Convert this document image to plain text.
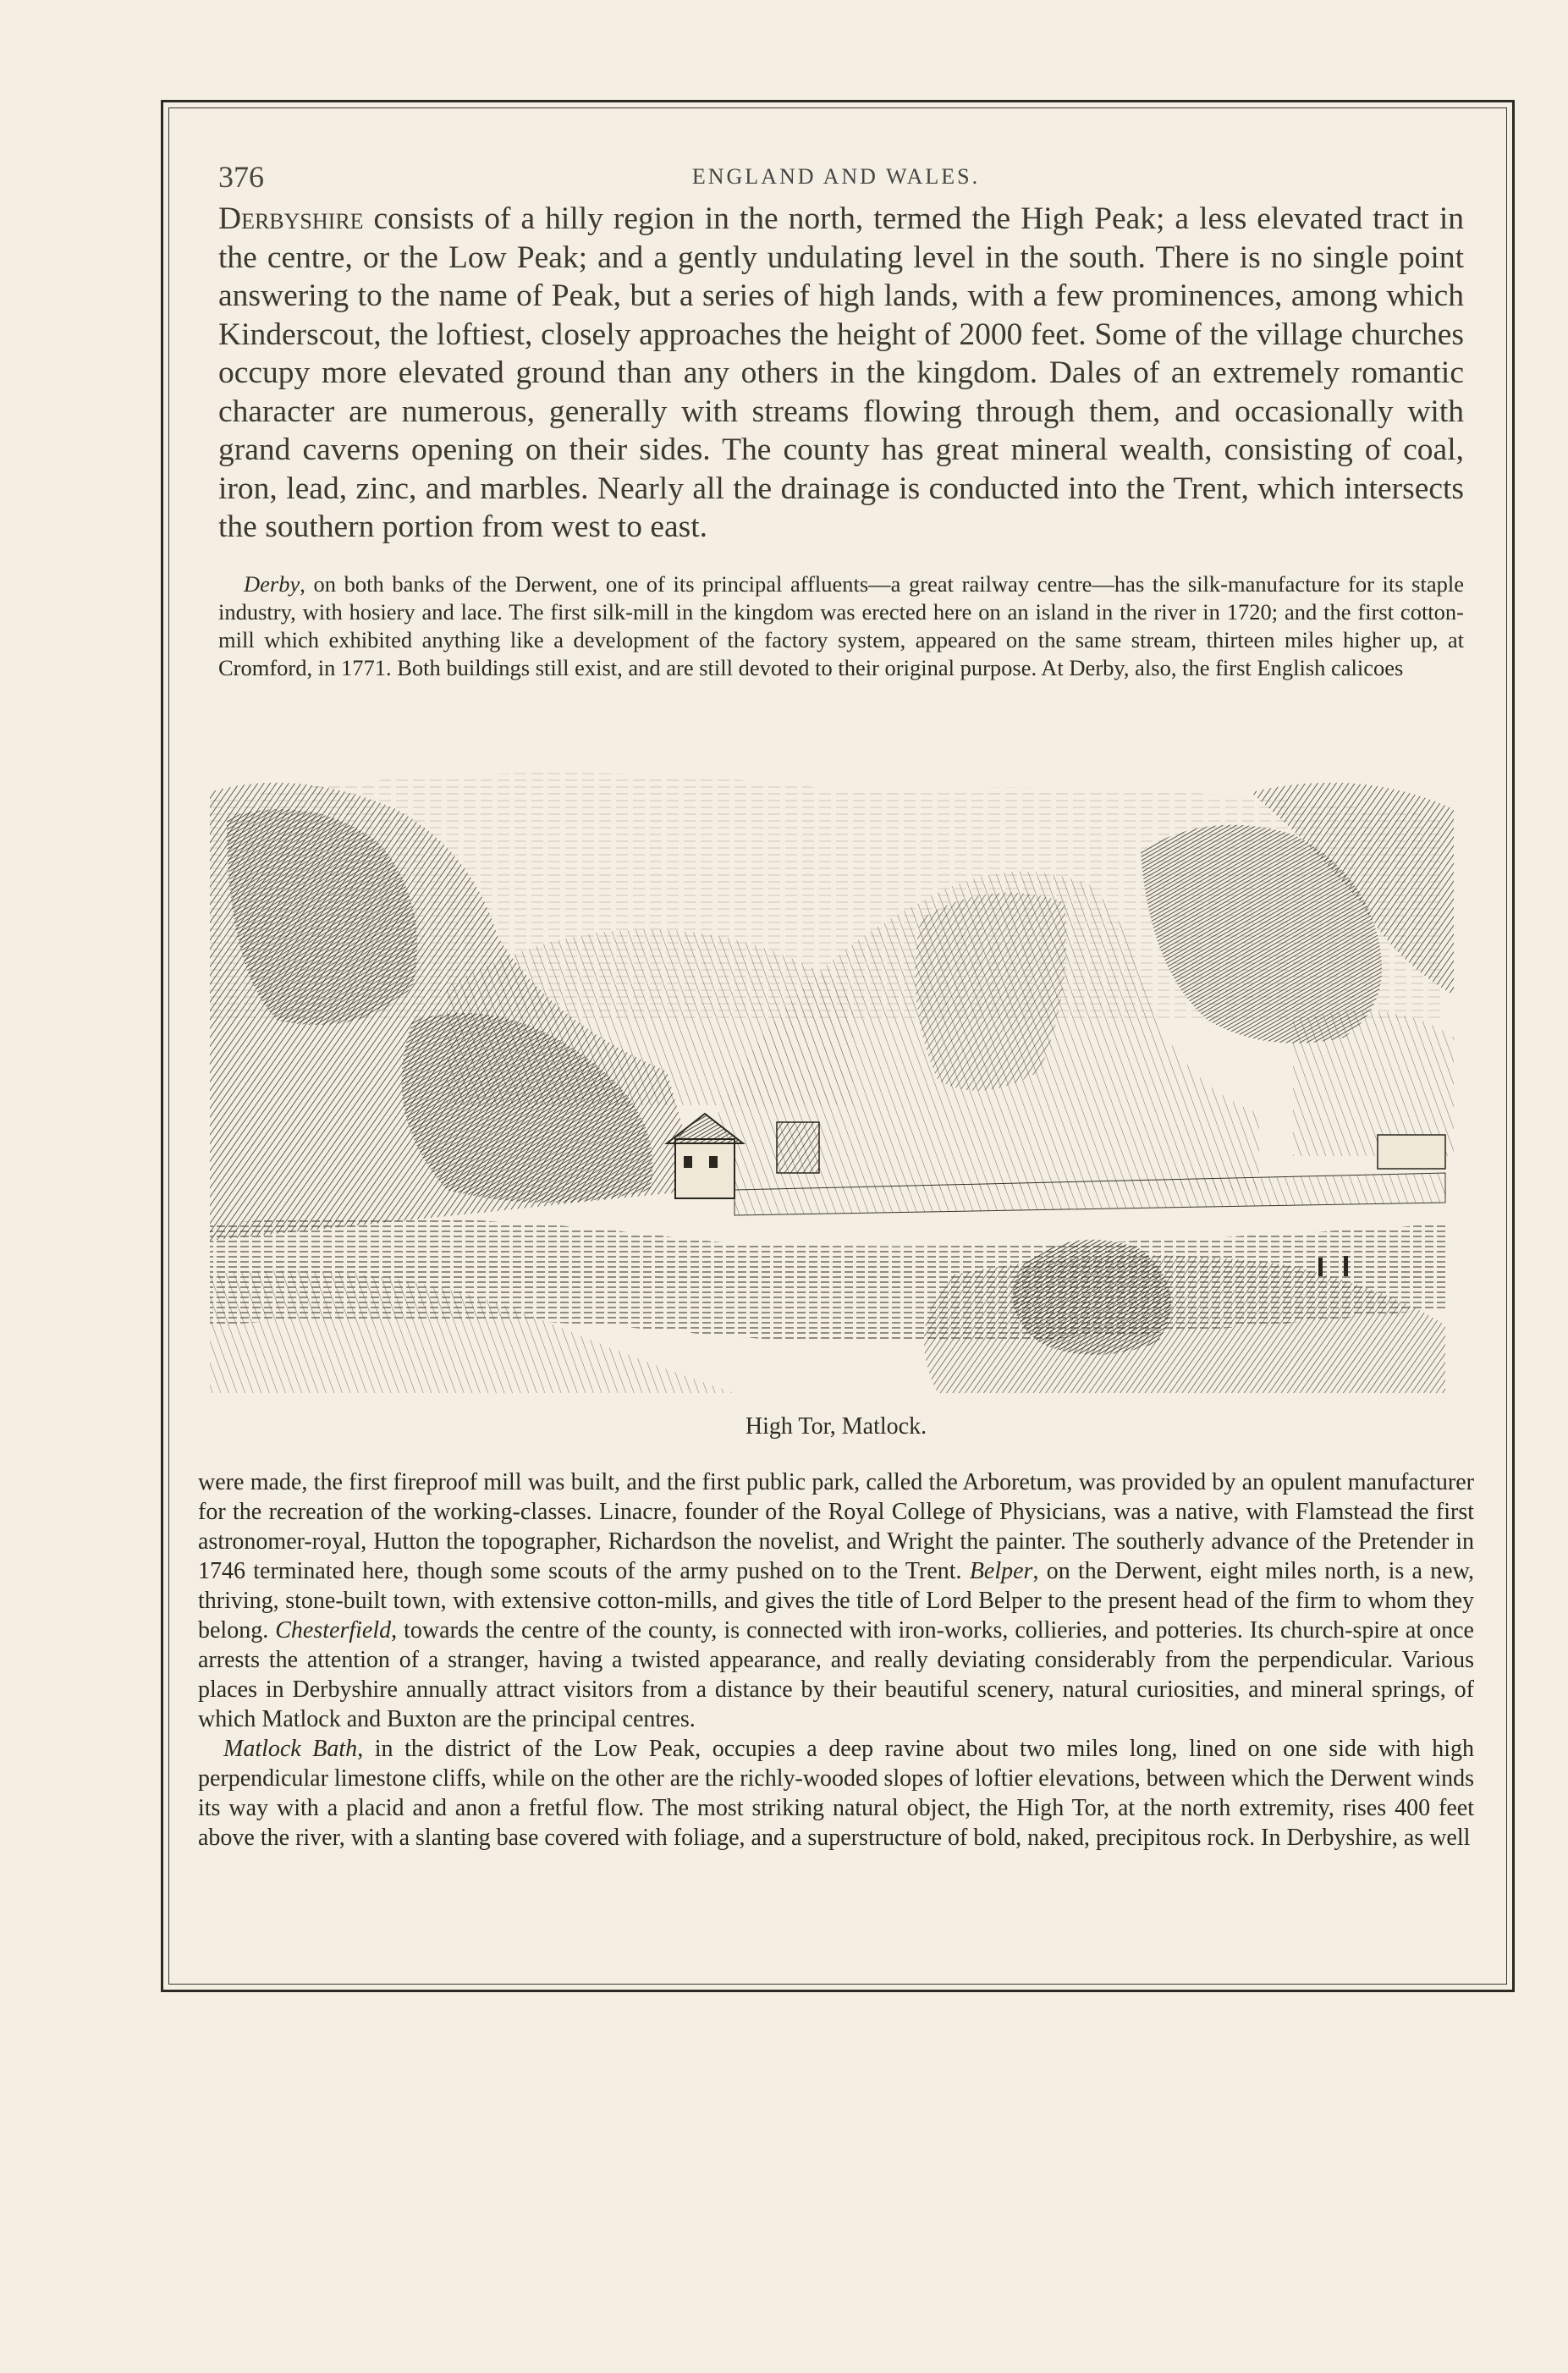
376	ENGLAND AND WALES.

Derbyshire consists of a hilly region in the north, termed the High Peak; a less elevated tract in the centre, or the Low Peak; and a gently undulating level in the south. There is no single point answering to the name of Peak, but a series of high lands, with a few prominences, among which Kinderscout, the loftiest, closely approaches the height of 2000 feet. Some of the village churches occupy more elevated ground than any others in the kingdom. Dales of an extremely romantic character are numerous, generally with streams flowing through them, and occasionally with grand caverns opening on their sides. The county has great mineral wealth, consisting of coal, iron, lead, zinc, and marbles. Nearly all the drainage is conducted into the Trent, which intersects the southern portion from west to east.

Derby, on both banks of the Derwent, one of its principal affluents—a great railway centre—has the silk-manufacture for its staple industry, with hosiery and lace. The first silk-mill in the kingdom was erected here on an island in the river in 1720; and the first cotton-mill which exhibited anything like a development of the factory system, appeared on the same stream, thirteen miles higher up, at Cromford, in 1771. Both buildings still exist, and are still devoted to their original purpose. At Derby, also, the first English calicoes

High Tor, Matlock.

were made, the first fireproof mill was built, and the first public park, called the Arboretum, was provided by an opulent manufacturer for the recreation of the working-classes. Linacre, founder of the Royal College of Physicians, was a native, with Flamstead the first astronomer-royal, Hutton the topographer, Richardson the novelist, and Wright the painter. The southerly advance of the Pretender in 1746 terminated here, though some scouts of the army pushed on to the Trent. Belper, on the Derwent, eight miles north, is a new, thriving, stone-built town, with extensive cotton-mills, and gives the title of Lord Belper to the present head of the firm to whom they belong. Chesterfield, towards the centre of the county, is connected with iron-works, collieries, and potteries. Its church-spire at once arrests the attention of a stranger, having a twisted appearance, and really deviating considerably from the perpendicular. Various places in Derbyshire annually attract visitors from a distance by their beautiful scenery, natural curiosities, and mineral springs, of which Matlock and Buxton are the principal centres.

Matlock Bath, in the district of the Low Peak, occupies a deep ravine about two miles long, lined on one side with high perpendicular limestone cliffs, while on the other are the richly-wooded slopes of loftier elevations, between which the Derwent winds its way with a placid and anon a fretful flow. The most striking natural object, the High Tor, at the north extremity, rises 400 feet above the river, with a slanting base covered with foliage, and a superstructure of bold, naked, precipitous rock. In Derbyshire, as well
